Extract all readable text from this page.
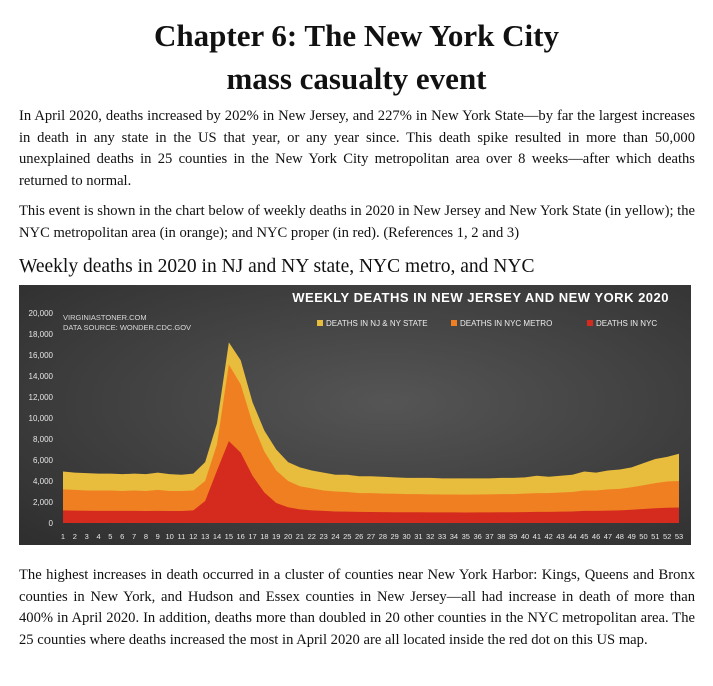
Chapter 6: The New York City
mass casualty event

In April 2020, deaths increased by 202% in New Jersey, and 227% in New York State—by far the largest increases in death in any state in the US that year, or any year since. This death spike resulted in more than 50,000 unexplained deaths in 25 counties in the New York City metropolitan area over 8 weeks—after which deaths returned to normal.

This event is shown in the chart below of weekly deaths in 2020 in New Jersey and New York State (in yellow); the NYC metropolitan area (in orange); and NYC proper (in red). (References 1, 2 and 3)

Weekly deaths in 2020 in NJ and NY state, NYC metro, and NYC

0
2,000
4,000
6,000
8,000
10,000
12,000
14,000
16,000
18,000
20,000
1 2 3 4 5 6 7 8 9 10 11 12 13 14 15 16 17 18 19 20 21 22 23 24 25 26 27 28 29 30 31 32 33 34 35 36 37 38 39 40 41 42 43 44 45 46 47 48 49 50 51 52 53
WEEKLY DEATHS IN NEW JERSEY AND NEW YORK 2020
VIRGINIASTONER.COM
DATA SOURCE: WONDER.CDC.GOV	DEATHS IN NJ & NY STATE	DEATHS IN NYC METRO	DEATHS IN NYC

The highest increases in death occurred in a cluster of counties near New York Harbor: Kings, Queens and Bronx counties in New York, and Hudson and Essex counties in New Jersey—all had increase in death of more than 400% in April 2020. In addition, deaths more than doubled in 20 other counties in the NYC metropolitan area. The 25 counties where deaths increased the most in April 2020 are all located inside the red dot on this US map.
